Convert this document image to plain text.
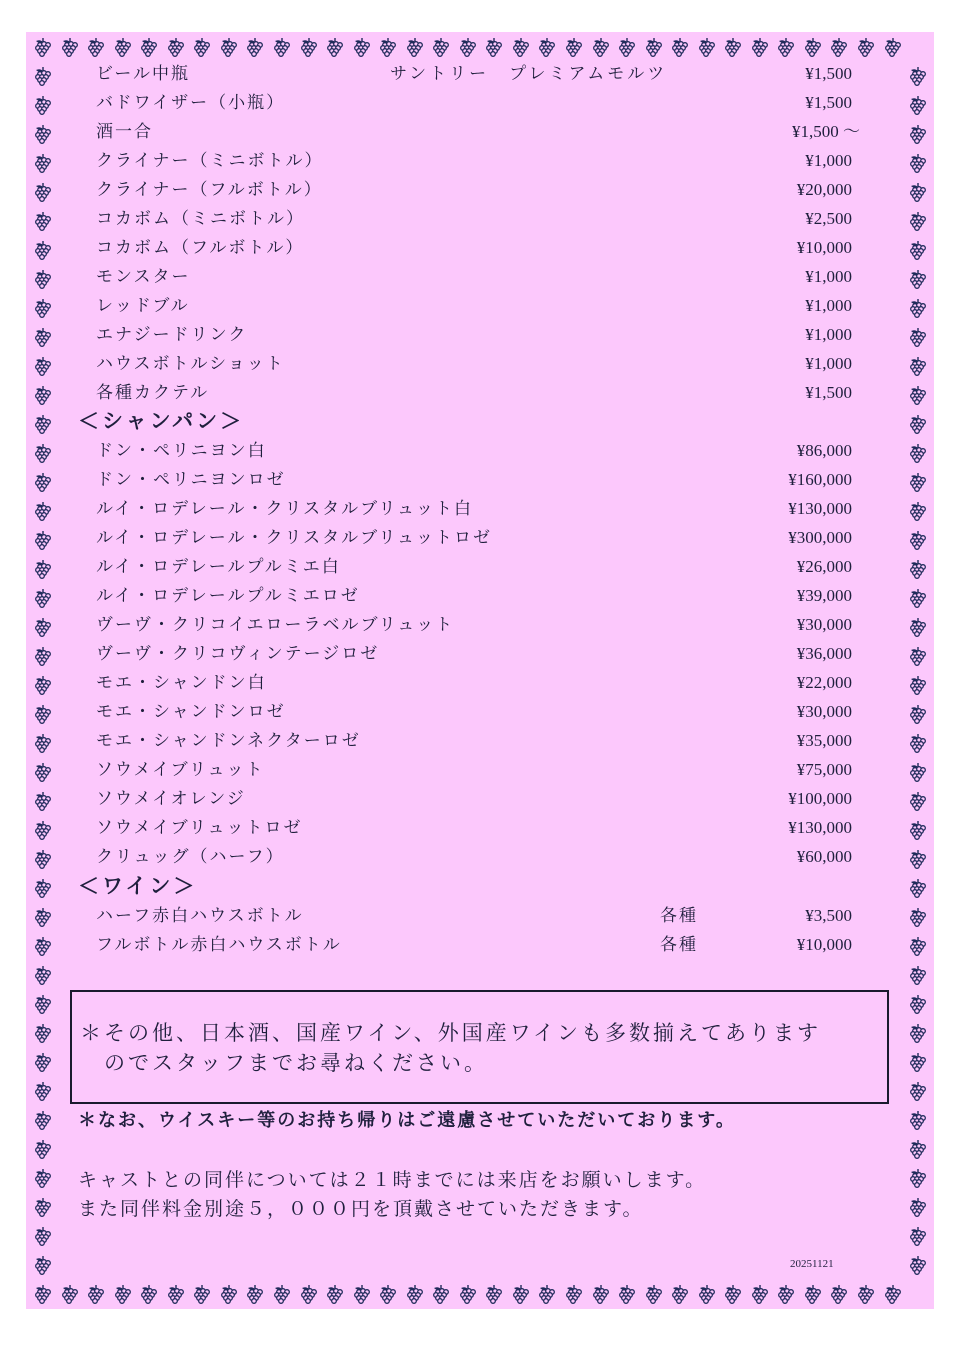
ビール中瓶	サントリー　プレミアムモルツ	¥1,500
バドワイザー（小瓶）	¥1,500
酒一合	¥1,500 ～
クライナー（ミニボトル）	¥1,000
クライナー（フルボトル）	¥20,000
コカボム（ミニボトル）	¥2,500
コカボム（フルボトル）	¥10,000
モンスター	¥1,000
レッドブル	¥1,000
エナジードリンク	¥1,000
ハウスボトルショット	¥1,000
各種カクテル	¥1,500
＜シャンパン＞
ドン・ペリニヨン白	¥86,000
ドン・ペリニヨンロゼ	¥160,000
ルイ・ロデレール・クリスタルブリュット白	¥130,000
ルイ・ロデレール・クリスタルブリュットロゼ	¥300,000
ルイ・ロデレールプルミエ白	¥26,000
ルイ・ロデレールプルミエロゼ	¥39,000
ヴーヴ・クリコイエローラベルブリュット	¥30,000
ヴーヴ・クリコヴィンテージロゼ	¥36,000
モエ・シャンドン白	¥22,000
モエ・シャンドンロゼ	¥30,000
モエ・シャンドンネクターロゼ	¥35,000
ソウメイブリュット	¥75,000
ソウメイオレンジ	¥100,000
ソウメイブリュットロゼ	¥130,000
クリュッグ（ハーフ）	¥60,000
＜ワイン＞
ハーフ赤白ハウスボトル	各種	¥3,500
フルボトル赤白ハウスボトル	各種	¥10,000
＊その他、日本酒、国産ワイン、外国産ワインも多数揃えてあります
のでスタッフまでお尋ねください。
＊なお、ウイスキー等のお持ち帰りはご遠慮させていただいております。
キャストとの同伴については２１時までには来店をお願いします。
また同伴料金別途５，０００円を頂戴させていただきます。
20251121
